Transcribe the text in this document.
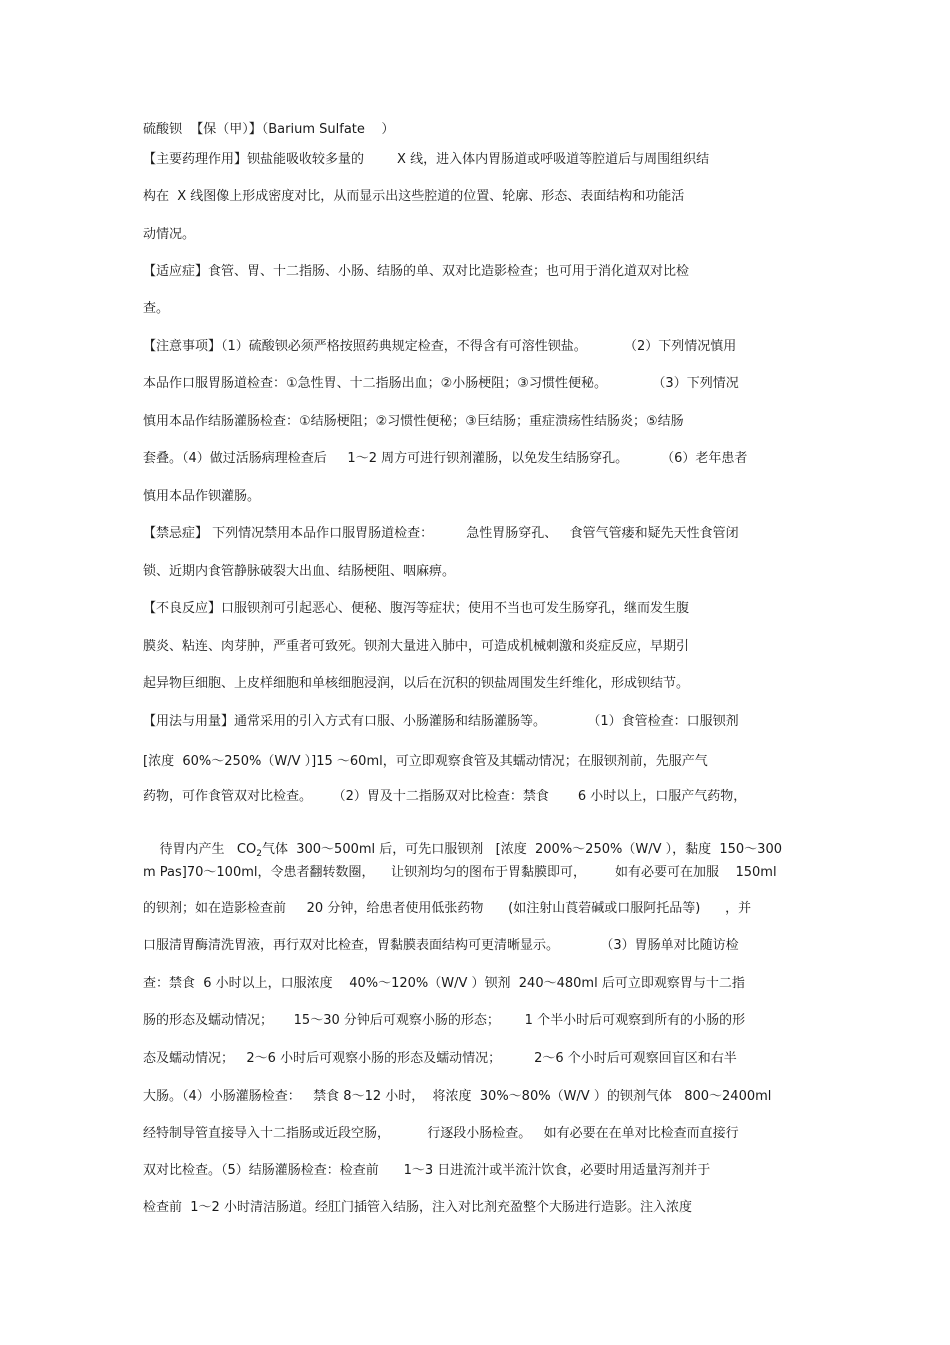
硫酸钡  【保（甲）】（Barium Sulfate    ）
【主要药理作用】钡盐能吸收较多量的        X 线，进入体内胃肠道或呼吸道等腔道后与周围组织结
构在  X 线图像上形成密度对比，从而显示出这些腔道的位置、轮廓、形态、表面结构和功能活
动情况。
【适应症】食管、胃、十二指肠、小肠、结肠的单、双对比造影检查；也可用于消化道双对比检
查。
【注意事项】（1）硫酸钡必须严格按照药典规定检查，不得含有可溶性钡盐。         （2）下列情况慎用
本品作口服胃肠道检查：①急性胃、十二指肠出血；②小肠梗阻；③习惯性便秘。           （3）下列情况
慎用本品作结肠灌肠检查：①结肠梗阻；②习惯性便秘；③巨结肠；重症溃疡性结肠炎；⑤结肠
套叠。（4）做过活肠病理检查后     1～2 周方可进行钡剂灌肠，以免发生结肠穿孔。        （6）老年患者
慎用本品作钡灌肠。
【禁忌症】 下列情况禁用本品作口服胃肠道检查：        急性胃肠穿孔、   食管气管瘘和疑先天性食管闭
锁、近期内食管静脉破裂大出血、结肠梗阻、咽麻痹。
【不良反应】口服钡剂可引起恶心、便秘、腹泻等症状；使用不当也可发生肠穿孔，继而发生腹
膜炎、粘连、肉芽肿，严重者可致死。钡剂大量进入肺中，可造成机械刺激和炎症反应，早期引
起异物巨细胞、上皮样细胞和单核细胞浸润，以后在沉积的钡盐周围发生纤维化，形成钡结节。
【用法与用量】通常采用的引入方式有口服、小肠灌肠和结肠灌肠等。          （1）食管检查：口服钡剂
[浓度  60%～250%（W/V ）]15 ～60ml，可立即观察食管及其蠕动情况；在服钡剂前，先服产气
药物，可作食管双对比检查。     （2）胃及十二指肠双对比检查：禁食       6 小时以上，口服产气药物，

待胃内产生   $CO_2$气体  300～500ml 后，可先口服钡剂   [浓度  200%～250%（W/V ），黏度  150～300

m Pas]70～100ml，令患者翻转数圈，    让钡剂均匀的图布于胃黏膜即可，       如有必要可在加服    150ml
的钡剂；如在造影检查前     20 分钟，给患者使用低张药物      (如注射山莨菪碱或口服阿托品等)      ，并
口服清胃酶清洗胃液，再行双对比检查，胃黏膜表面结构可更清晰显示。          （3）胃肠单对比随访检
查：禁食  6 小时以上，口服浓度    40%～120%（W/V ）钡剂  240～480ml 后可立即观察胃与十二指
肠的形态及蠕动情况；     15～30 分钟后可观察小肠的形态；      1 个半小时后可观察到所有的小肠的形
态及蠕动情况；   2～6 小时后可观察小肠的形态及蠕动情况；        2～6 个小时后可观察回盲区和右半
大肠。（4）小肠灌肠检查：   禁食 8～12 小时，  将浓度  30%～80%（W/V ）的钡剂气体   800～2400ml
经特制导管直接导入十二指肠或近段空肠，         行逐段小肠检查。   如有必要在在单对比检查而直接行
双对比检查。（5）结肠灌肠检查：检查前      1～3 日进流汁或半流汁饮食，必要时用适量泻剂并于
检查前  1～2 小时清洁肠道。经肛门插管入结肠，注入对比剂充盈整个大肠进行造影。注入浓度
